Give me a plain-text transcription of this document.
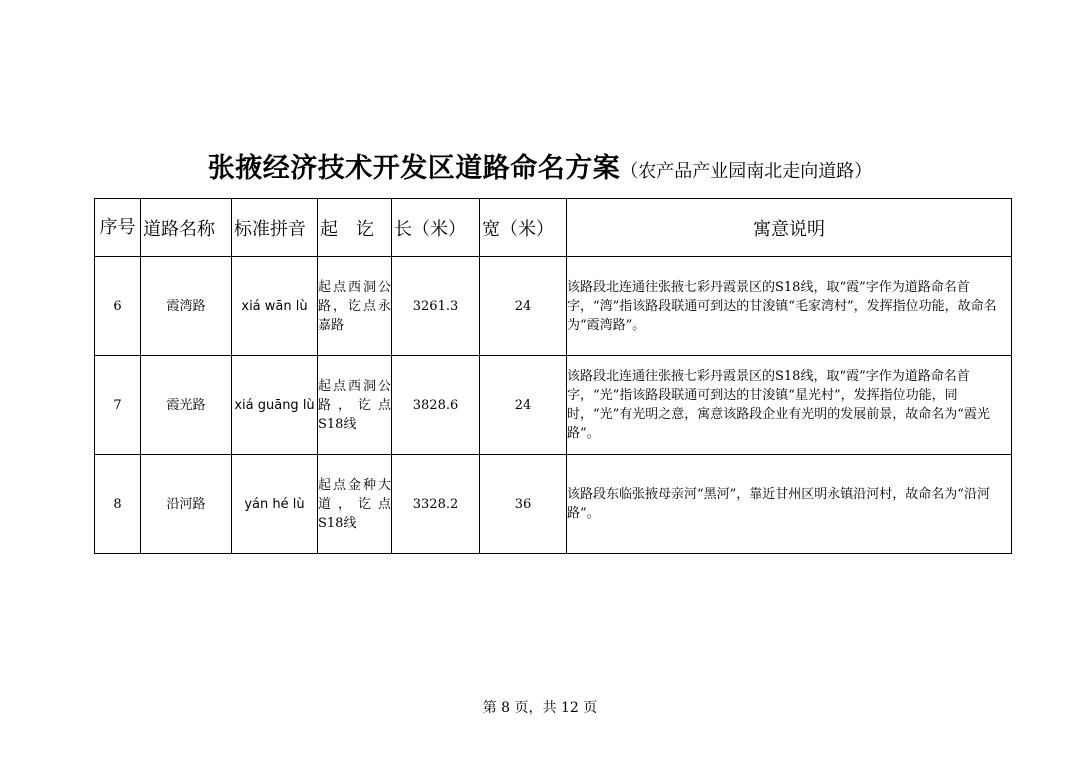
张掖经济技术开发区道路命名方案（农产品产业园南北走向道路）
序号	道路名称	标准拼音	起　讫	长（米）	宽（米）	寓意说明
6	霞湾路	xiá wān lù	起点西洞公路，讫点永嘉路	3261.3	24	该路段北连通往张掖七彩丹霞景区的S18线，取“霞”字作为道路命名首字，“湾”指该路段联通可到达的甘浚镇“毛家湾村”，发挥指位功能，故命名为“霞湾路”。
7	霞光路	xiá guāng lù	起点西洞公路，讫点S18线	3828.6	24	该路段北连通往张掖七彩丹霞景区的S18线，取“霞”字作为道路命名首字，“光”指该路段联通可到达的甘浚镇“星光村”，发挥指位功能，同时，“光”有光明之意，寓意该路段企业有光明的发展前景，故命名为“霞光路”。
8	沿河路	yán hé lù	起点金种大道，讫点S18线	3328.2	36	该路段东临张掖母亲河“黑河”，靠近甘州区明永镇沿河村，故命名为“沿河路”。
第 8 页，共 12 页
